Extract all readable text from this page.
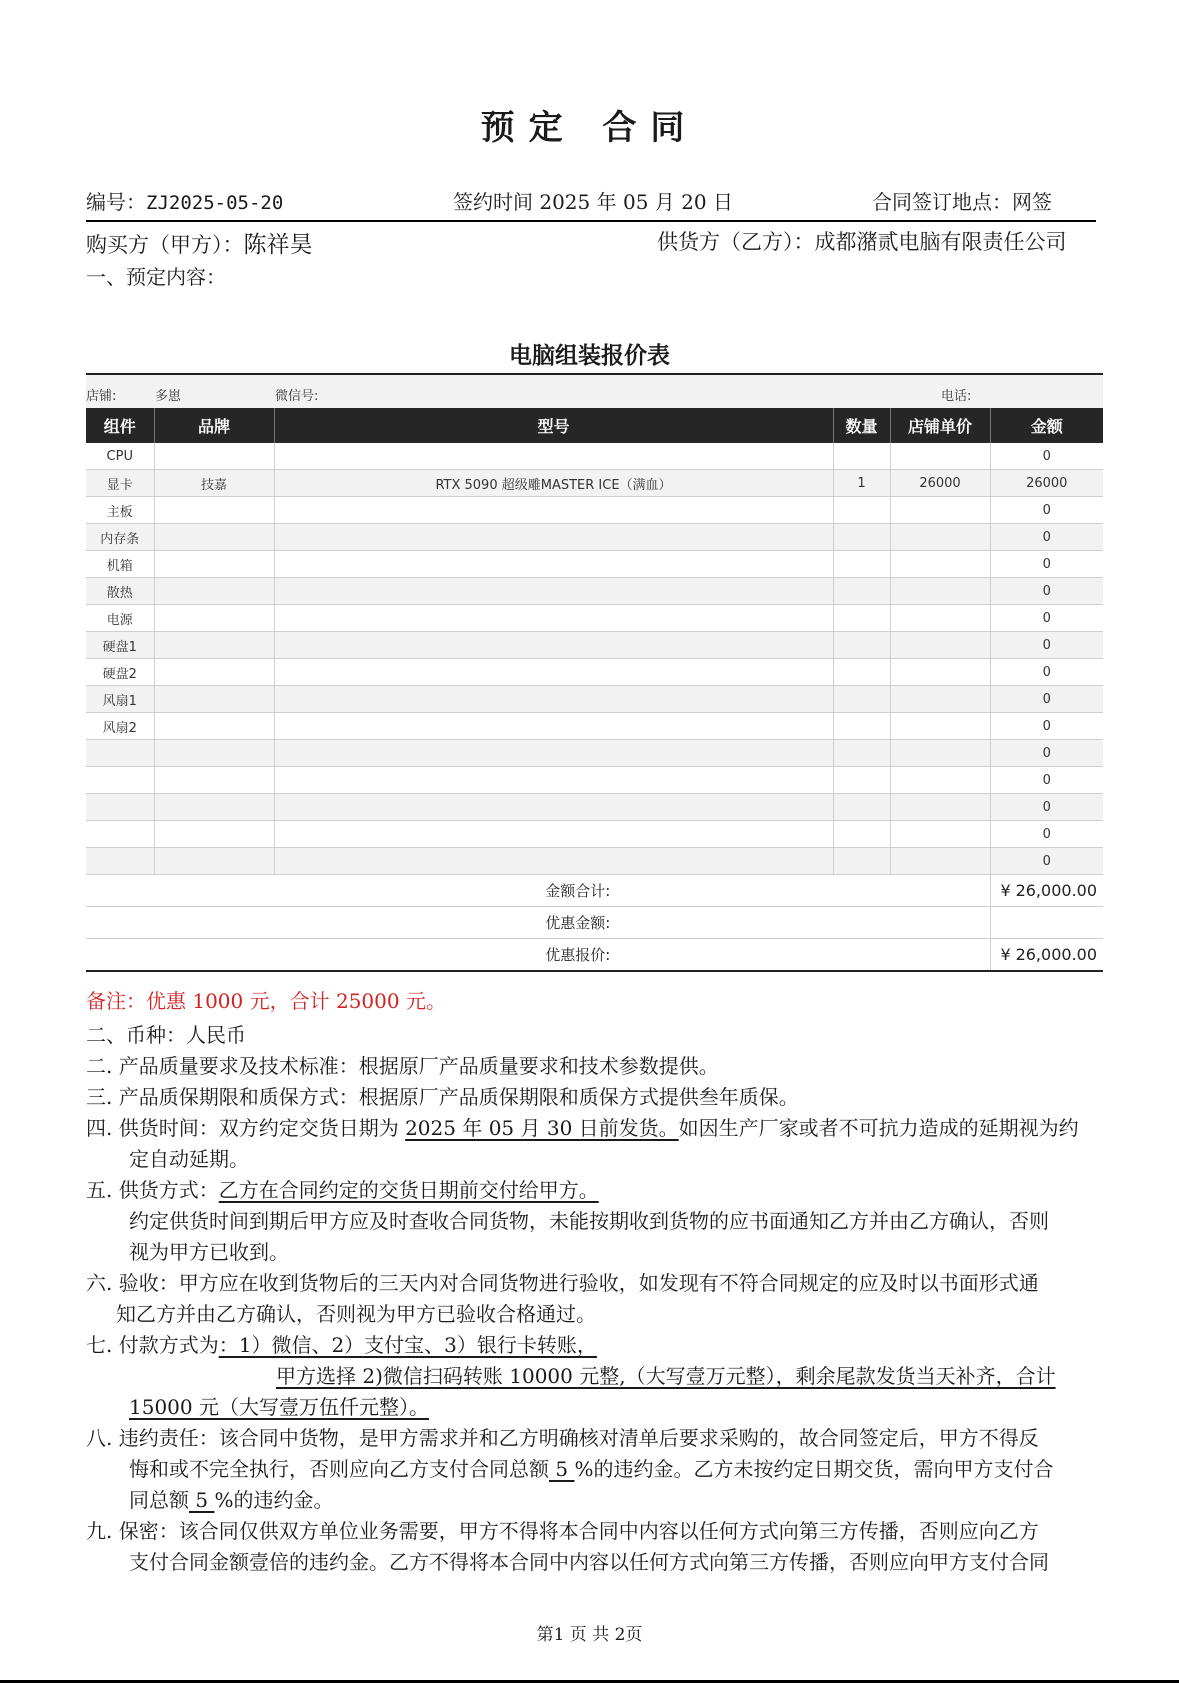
预定 合同
编号：ZJ2025-05-20	签约时间 2025 年 05 月 20 日	合同签订地点：网签
购买方（甲方）：陈祥昊	供货方（乙方）：成都潴贰电脑有限责任公司
一、预定内容：
电脑组装报价表
店铺:	多崽	微信号:	电话:
组件	品牌	型号	数量	店铺单价	金额
CPU					0
显卡	技嘉	RTX 5090 超级雕MASTER ICE（满血）	1	26000	26000
主板					0
内存条					0
机箱					0
散热					0
电源					0
硬盘1					0
硬盘2					0
风扇1					0
风扇2					0
					0
					0
					0
					0
					0
金额合计:	¥ 26,000.00
优惠金额:	

优惠报价:	¥ 26,000.00
备注：优惠 1000 元，合计 25000 元。
二、币种：人民币
二. 产品质量要求及技术标准：根据原厂产品质量要求和技术参数提供。
三. 产品质保期限和质保方式：根据原厂产品质保期限和质保方式提供叁年质保。
四. 供货时间：双方约定交货日期为 2025 年 05 月 30 日前发货。如因生产厂家或者不可抗力造成的延期视为约
定自动延期。
五. 供货方式：乙方在合同约定的交货日期前交付给甲方。
约定供货时间到期后甲方应及时查收合同货物，未能按期收到货物的应书面通知乙方并由乙方确认，否则
视为甲方已收到。
六. 验收：甲方应在收到货物后的三天内对合同货物进行验收，如发现有不符合同规定的应及时以书面形式通
知乙方并由乙方确认，否则视为甲方已验收合格通过。
七. 付款方式为：1）微信、2）支付宝、3）银行卡转账，
甲方选择 2)微信扫码转账 10000 元整,（大写壹万元整），剩余尾款发货当天补齐，合计
15000 元（大写壹万伍仟元整）。
八. 违约责任：该合同中货物，是甲方需求并和乙方明确核对清单后要求采购的，故合同签定后，甲方不得反
悔和或不完全执行，否则应向乙方支付合同总额 5 %的违约金。乙方未按约定日期交货，需向甲方支付合
同总额 5 %的违约金。
九. 保密：该合同仅供双方单位业务需要，甲方不得将本合同中内容以任何方式向第三方传播，否则应向乙方
支付合同金额壹倍的违约金。乙方不得将本合同中内容以任何方式向第三方传播，否则应向甲方支付合同
第1 页 共 2页
